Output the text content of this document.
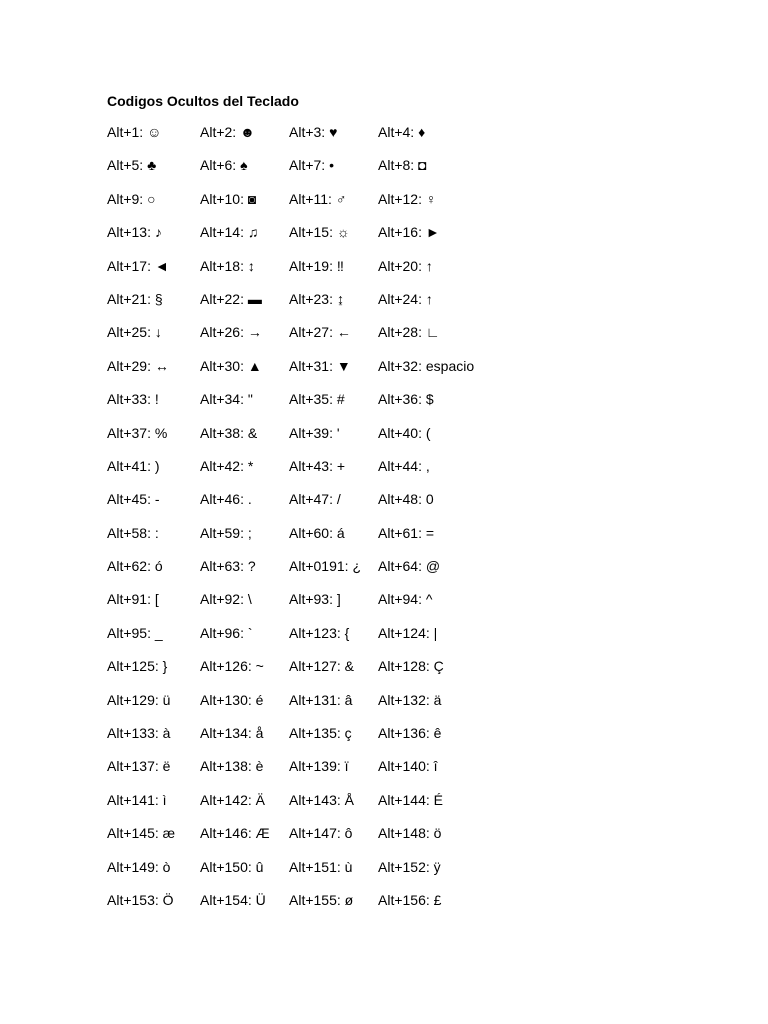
Codigos Ocultos del Teclado
Alt+1: ☺	Alt+2: ☻	Alt+3: ♥	Alt+4: ♦
Alt+5: ♣	Alt+6: ♠	Alt+7: •	Alt+8: ◘
Alt+9: ○	Alt+10: ◙	Alt+11: ♂	Alt+12: ♀
Alt+13: ♪	Alt+14: ♫	Alt+15: ☼	Alt+16: ►
Alt+17: ◄	Alt+18: ↕	Alt+19: ‼	Alt+20: ↑
Alt+21: §	Alt+22: ▬	Alt+23: ↨	Alt+24: ↑
Alt+25: ↓	Alt+26: →	Alt+27: ←	Alt+28: ∟
Alt+29: ↔	Alt+30: ▲	Alt+31: ▼	Alt+32: espacio
Alt+33: !	Alt+34: "	Alt+35: #	Alt+36: $
Alt+37: %	Alt+38: &	Alt+39: '	Alt+40: (
Alt+41: )	Alt+42: *	Alt+43: +	Alt+44: ,
Alt+45: -	Alt+46: .	Alt+47: /	Alt+48: 0
Alt+58: :	Alt+59: ;	Alt+60: á	Alt+61: =
Alt+62: ó	Alt+63: ?	Alt+0191: ¿	Alt+64: @
Alt+91: [	Alt+92: \	Alt+93: ]	Alt+94: ^
Alt+95: _	Alt+96: `	Alt+123: {	Alt+124: |
Alt+125: }	Alt+126: ~	Alt+127: &	Alt+128: Ç
Alt+129: ü	Alt+130: é	Alt+131: â	Alt+132: ä
Alt+133: à	Alt+134: å	Alt+135: ç	Alt+136: ê
Alt+137: ë	Alt+138: è	Alt+139: ï	Alt+140: î
Alt+141: ì	Alt+142: Ä	Alt+143: Å	Alt+144: É
Alt+145: æ	Alt+146: Æ	Alt+147: ô	Alt+148: ö
Alt+149: ò	Alt+150: û	Alt+151: ù	Alt+152: ÿ
Alt+153: Ö	Alt+154: Ü	Alt+155: ø	Alt+156: £
